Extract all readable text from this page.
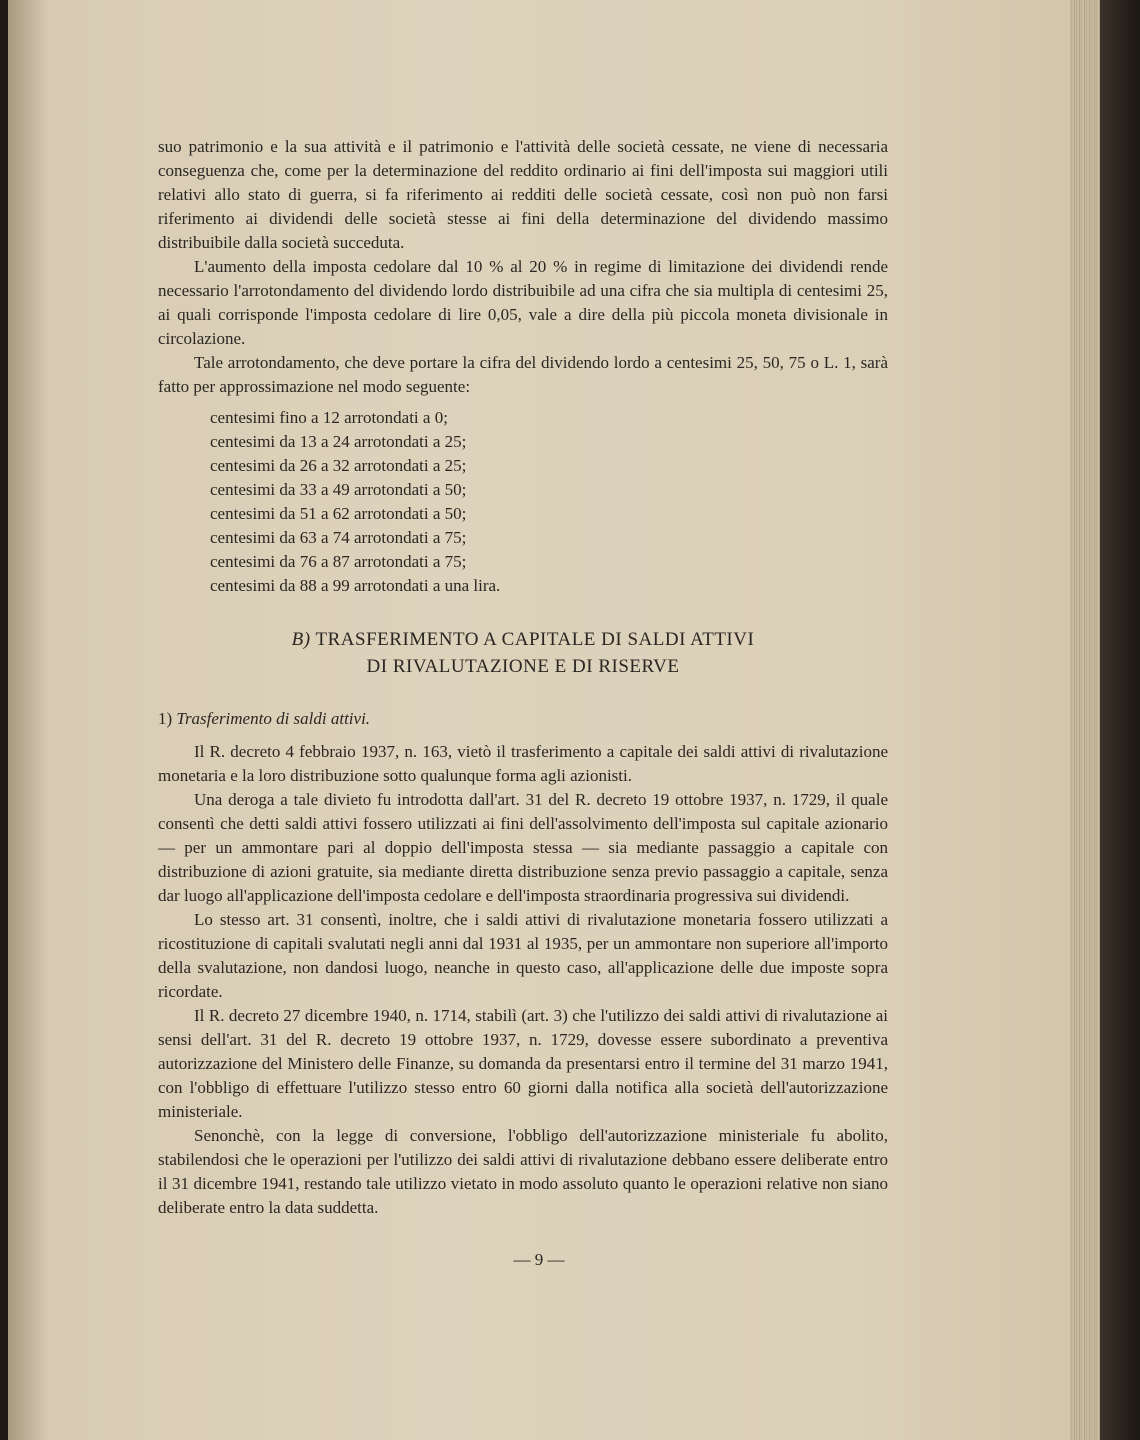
suo patrimonio e la sua attività e il patrimonio e l'attività delle società cessate, ne viene di necessaria conseguenza che, come per la determinazione del reddito ordinario ai fini dell'imposta sui maggiori utili relativi allo stato di guerra, si fa riferimento ai redditi delle società cessate, così non può non farsi riferimento ai dividendi delle società stesse ai fini della determinazione del dividendo massimo distribuibile dalla società succeduta.

L'aumento della imposta cedolare dal 10 % al 20 % in regime di limitazione dei dividendi rende necessario l'arrotondamento del dividendo lordo distribuibile ad una cifra che sia multipla di centesimi 25, ai quali corrisponde l'imposta cedolare di lire 0,05, vale a dire della più piccola moneta divisionale in circolazione.

Tale arrotondamento, che deve portare la cifra del dividendo lordo a centesimi 25, 50, 75 o L. 1, sarà fatto per approssimazione nel modo seguente:

centesimi fino a 12 arrotondati a 0;
centesimi da 13 a 24 arrotondati a 25;
centesimi da 26 a 32 arrotondati a 25;
centesimi da 33 a 49 arrotondati a 50;
centesimi da 51 a 62 arrotondati a 50;
centesimi da 63 a 74 arrotondati a 75;
centesimi da 76 a 87 arrotondati a 75;
centesimi da 88 a 99 arrotondati a una lira.
B) TRASFERIMENTO A CAPITALE DI SALDI ATTIVI
DI RIVALUTAZIONE E DI RISERVE

1) Trasferimento di saldi attivi.

Il R. decreto 4 febbraio 1937, n. 163, vietò il trasferimento a capitale dei saldi attivi di rivalutazione monetaria e la loro distribuzione sotto qualunque forma agli azionisti.

Una deroga a tale divieto fu introdotta dall'art. 31 del R. decreto 19 ottobre 1937, n. 1729, il quale consentì che detti saldi attivi fossero utilizzati ai fini dell'assolvimento dell'imposta sul capitale azionario — per un ammontare pari al doppio dell'imposta stessa — sia mediante passaggio a capitale con distribuzione di azioni gratuite, sia mediante diretta distribuzione senza previo passaggio a capitale, senza dar luogo all'applicazione dell'imposta cedolare e dell'imposta straordinaria progressiva sui dividendi.

Lo stesso art. 31 consentì, inoltre, che i saldi attivi di rivalutazione monetaria fossero utilizzati a ricostituzione di capitali svalutati negli anni dal 1931 al 1935, per un ammontare non superiore all'importo della svalutazione, non dandosi luogo, neanche in questo caso, all'applicazione delle due imposte sopra ricordate.

Il R. decreto 27 dicembre 1940, n. 1714, stabilì (art. 3) che l'utilizzo dei saldi attivi di rivalutazione ai sensi dell'art. 31 del R. decreto 19 ottobre 1937, n. 1729, dovesse essere subordinato a preventiva autorizzazione del Ministero delle Finanze, su domanda da presentarsi entro il termine del 31 marzo 1941, con l'obbligo di effettuare l'utilizzo stesso entro 60 giorni dalla notifica alla società dell'autorizzazione ministeriale.

Senonchè, con la legge di conversione, l'obbligo dell'autorizzazione ministeriale fu abolito, stabilendosi che le operazioni per l'utilizzo dei saldi attivi di rivalutazione debbano essere deliberate entro il 31 dicembre 1941, restando tale utilizzo vietato in modo assoluto quanto le operazioni relative non siano deliberate entro la data suddetta.

— 9 —
